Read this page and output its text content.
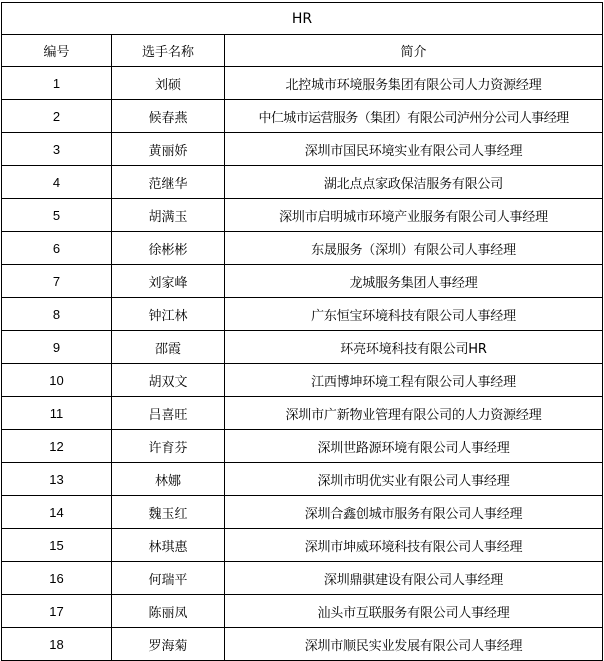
HR		
编号	选手名称	简介
1	刘硕	北控城市环境服务集团有限公司人力资源经理
2	候春燕	中仁城市运营服务（集团）有限公司泸州分公司人事经理
3	黄丽娇	深圳市国民环境实业有限公司人事经理
4	范继华	湖北点点家政保洁服务有限公司
5	胡满玉	深圳市启明城市环境产业服务有限公司人事经理
6	徐彬彬	东晟服务（深圳）有限公司人事经理
7	刘家峰	龙城服务集团人事经理
8	钟江林	广东恒宝环境科技有限公司人事经理
9	邵霞	环亮环境科技有限公司HR
10	胡双文	江西博坤环境工程有限公司人事经理
11	吕喜旺	深圳市广新物业管理有限公司的人力资源经理
12	许育芬	深圳世路源环境有限公司人事经理
13	林娜	深圳市明优实业有限公司人事经理
14	魏玉红	深圳合鑫创城市服务有限公司人事经理
15	林琪惠	深圳市坤威环境科技有限公司人事经理
16	何瑞平	深圳鼎骐建设有限公司人事经理
17	陈丽凤	汕头市互联服务有限公司人事经理
18	罗海菊	深圳市顺民实业发展有限公司人事经理
